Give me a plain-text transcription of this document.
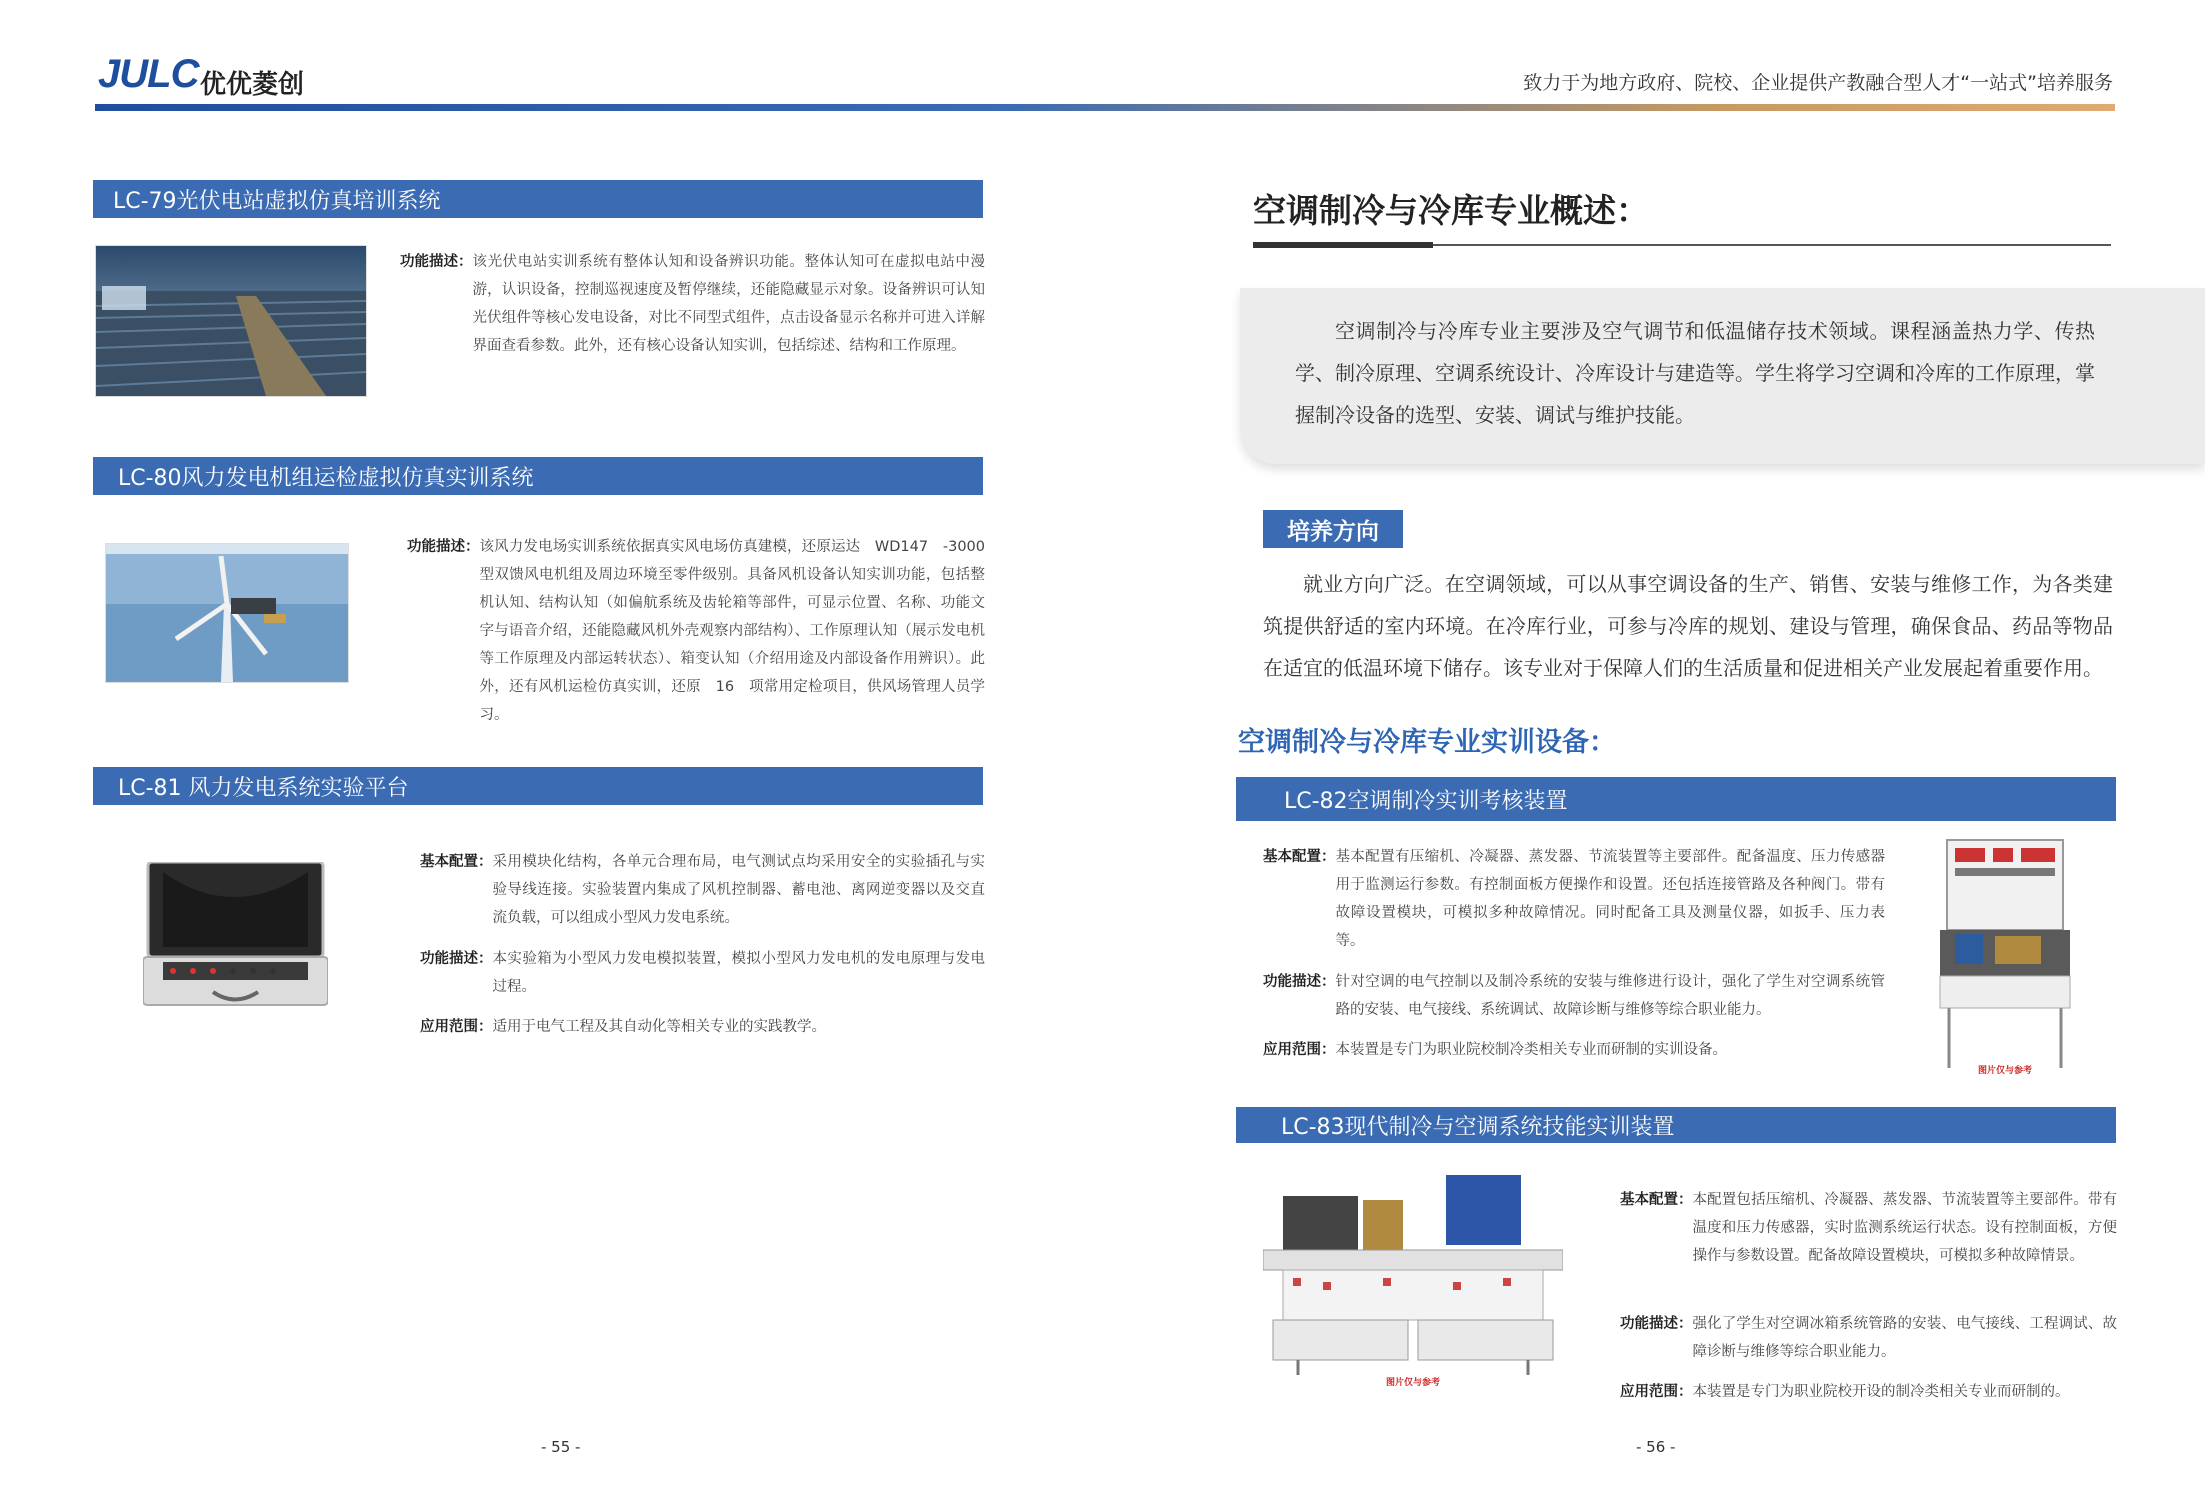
JULC 优优菱创	致力于为地方政府、院校、企业提供产教融合型人才“一站式”培养服务
LC-79光伏电站虚拟仿真培训系统
功能描述： 该光伏电站实训系统有整体认知和设备辨识功能。整体认知可在虚拟电站中漫游，认识设备，控制巡视速度及暂停继续，还能隐藏显示对象。设备辨识可认知光伏组件等核心发电设备，对比不同型式组件，点击设备显示名称并可进入详解界面查看参数。此外，还有核心设备认知实训，包括综述、结构和工作原理。
LC-80风力发电机组运检虚拟仿真实训系统
功能描述： 该风力发电场实训系统依据真实风电场仿真建模，还原运达　WD147　-3000　型双馈风电机组及周边环境至零件级别。具备风机设备认知实训功能，包括整机认知、结构认知（如偏航系统及齿轮箱等部件，可显示位置、名称、功能文字与语音介绍，还能隐藏风机外壳观察内部结构）、工作原理认知（展示发电机等工作原理及内部运转状态）、箱变认知（介绍用途及内部设备作用辨识）。此外，还有风机运检仿真实训，还原　16　项常用定检项目，供风场管理人员学习。
LC-81 风力发电系统实验平台
基本配置： 采用模块化结构，各单元合理布局，电气测试点均采用安全的实验插孔与实验导线连接。实验装置内集成了风机控制器、蓄电池、离网逆变器以及交直流负载，可以组成小型风力发电系统。
功能描述： 本实验箱为小型风力发电模拟装置，模拟小型风力发电机的发电原理与发电过程。
应用范围： 适用于电气工程及其自动化等相关专业的实践教学。
- 55 -
空调制冷与冷库专业概述：
空调制冷与冷库专业主要涉及空气调节和低温储存技术领域。课程涵盖热力学、传热学、制冷原理、空调系统设计、冷库设计与建造等。学生将学习空调和冷库的工作原理，掌握制冷设备的选型、安装、调试与维护技能。
培养方向
就业方向广泛。在空调领域，可以从事空调设备的生产、销售、安装与维修工作，为各类建筑提供舒适的室内环境。在冷库行业，可参与冷库的规划、建设与管理，确保食品、药品等物品在适宜的低温环境下储存。该专业对于保障人们的生活质量和促进相关产业发展起着重要作用。
空调制冷与冷库专业实训设备：
LC-82空调制冷实训考核装置
基本配置： 基本配置有压缩机、冷凝器、蒸发器、节流装置等主要部件。配备温度、压力传感器用于监测运行参数。有控制面板方便操作和设置。还包括连接管路及各种阀门。带有故障设置模块，可模拟多种故障情况。同时配备工具及测量仪器，如扳手、压力表等。
功能描述： 针对空调的电气控制以及制冷系统的安装与维修进行设计，强化了学生对空调系统管路的安装、电气接线、系统调试、故障诊断与维修等综合职业能力。
应用范围： 本装置是专门为职业院校制冷类相关专业而研制的实训设备。
图片仅与参考
LC-83现代制冷与空调系统技能实训装置
图片仅与参考
基本配置： 本配置包括压缩机、冷凝器、蒸发器、节流装置等主要部件。带有温度和压力传感器，实时监测系统运行状态。设有控制面板，方便操作与参数设置。配备故障设置模块，可模拟多种故障情景。
功能描述： 强化了学生对空调冰箱系统管路的安装、电气接线、工程调试、故障诊断与维修等综合职业能力。
应用范围： 本装置是专门为职业院校开设的制冷类相关专业而研制的。
- 56 -
